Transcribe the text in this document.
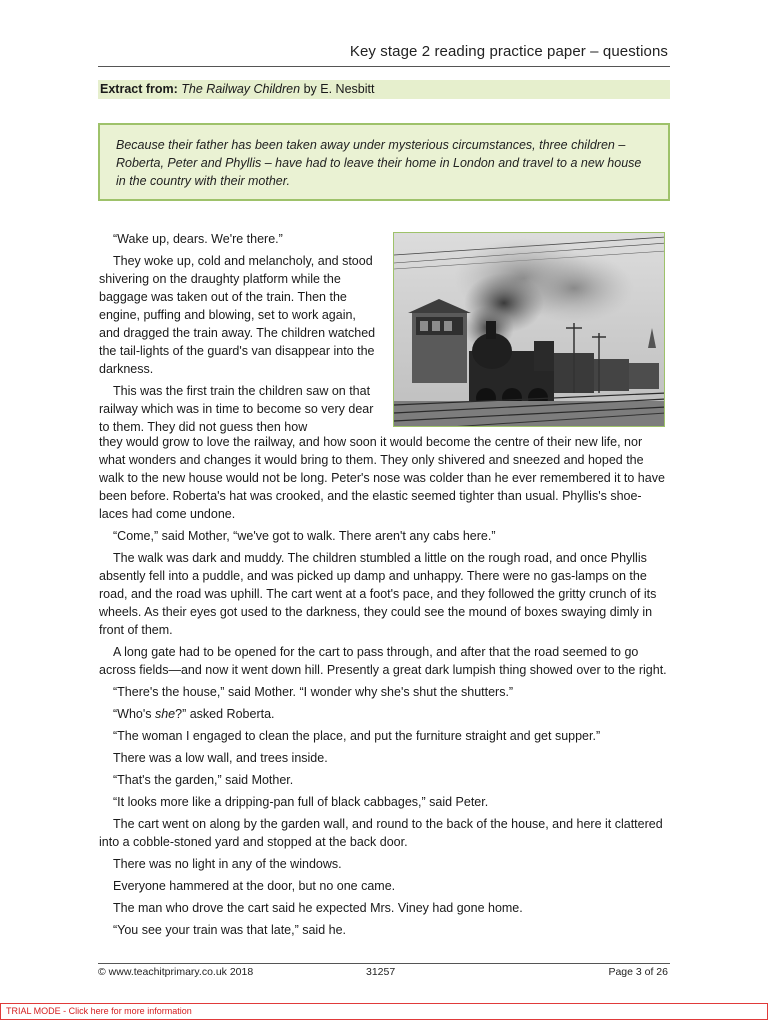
Key stage 2 reading practice paper – questions
Extract from: The Railway Children by E. Nesbitt
Because their father has been taken away under mysterious circumstances, three children – Roberta, Peter and Phyllis – have had to leave their home in London and travel to a new house in the country with their mother.

“Wake up, dears. We're there.”

They woke up, cold and melancholy, and stood shivering on the draughty platform while the baggage was taken out of the train. Then the engine, puffing and blowing, set to work again, and dragged the train away. The children watched the tail-lights of the guard's van disappear into the darkness.

This was the first train the children saw on that railway which was in time to become so very dear to them. They did not guess then how

they would grow to love the railway, and how soon it would become the centre of their new life, nor what wonders and changes it would bring to them. They only shivered and sneezed and hoped the walk to the new house would not be long. Peter's nose was colder than he ever remembered it to have been before. Roberta's hat was crooked, and the elastic seemed tighter than usual. Phyllis's shoe-laces had come undone.

“Come,” said Mother, “we've got to walk. There aren't any cabs here.”

The walk was dark and muddy. The children stumbled a little on the rough road, and once Phyllis absently fell into a puddle, and was picked up damp and unhappy. There were no gas-lamps on the road, and the road was uphill. The cart went at a foot's pace, and they followed the gritty crunch of its wheels. As their eyes got used to the darkness, they could see the mound of boxes swaying dimly in front of them.

A long gate had to be opened for the cart to pass through, and after that the road seemed to go across fields—and now it went down hill. Presently a great dark lumpish thing showed over to the right.

“There's the house,” said Mother. “I wonder why she's shut the shutters.”

“Who's she?” asked Roberta.

“The woman I engaged to clean the place, and put the furniture straight and get supper.”

There was a low wall, and trees inside.

“That's the garden,” said Mother.

“It looks more like a dripping-pan full of black cabbages,” said Peter.

The cart went on along by the garden wall, and round to the back of the house, and here it clattered into a cobble-stoned yard and stopped at the back door.

There was no light in any of the windows.

Everyone hammered at the door, but no one came.

The man who drove the cart said he expected Mrs. Viney had gone home.

“You see your train was that late,” said he.

© www.teachitprimary.co.uk 2018	31257	Page 3 of 26
TRIAL MODE - Click here for more information
